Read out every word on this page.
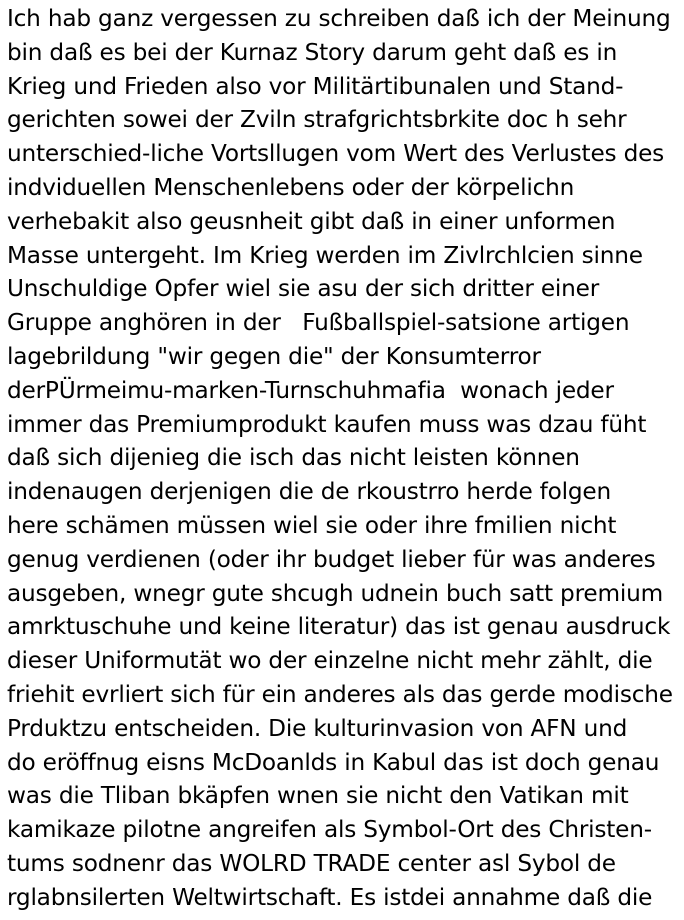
Ich hab ganz vergessen zu schreiben daß ich der Meinung
bin daß es bei der Kurnaz Story darum geht daß es in
Krieg und Frieden also vor Militärtibunalen und Stand-
gerichten sowei der Zviln strafgrichtsbrkite doc h sehr
unterschied-liche Vortsllugen vom Wert des Verlustes des
indviduellen Menschenlebens oder der körpelichn
verhebakit also geusnheit gibt daß in einer unformen
Masse untergeht. Im Krieg werden im Zivlrchlcien sinne
Unschuldige Opfer wiel sie asu der sich dritter einer
Gruppe anghören in der   Fußballspiel-satsione artigen
lagebrildung "wir gegen die" der Konsumterror
derPÜrmeimu-marken-Turnschuhmafia  wonach jeder
immer das Premiumprodukt kaufen muss was dzau füht
daß sich dijenieg die isch das nicht leisten können
indenaugen derjenigen die de rkoustrro herde folgen
here schämen müssen wiel sie oder ihre fmilien nicht
genug verdienen (oder ihr budget lieber für was anderes
ausgeben, wnegr gute shcugh udnein buch satt premium
amrktuschuhe und keine literatur) das ist genau ausdruck
dieser Uniformutät wo der einzelne nicht mehr zählt, die
friehit evrliert sich für ein anderes als das gerde modische
Prduktzu entscheiden. Die kulturinvasion von AFN und
do eröffnug eisns McDoanlds in Kabul das ist doch genau
was die Tliban bkäpfen wnen sie nicht den Vatikan mit
kamikaze pilotne angreifen als Symbol-Ort des Christen-
tums sodnenr das WOLRD TRADE center asl Sybol de
rglabnsilerten Weltwirtschaft. Es istdei annahme daß die
